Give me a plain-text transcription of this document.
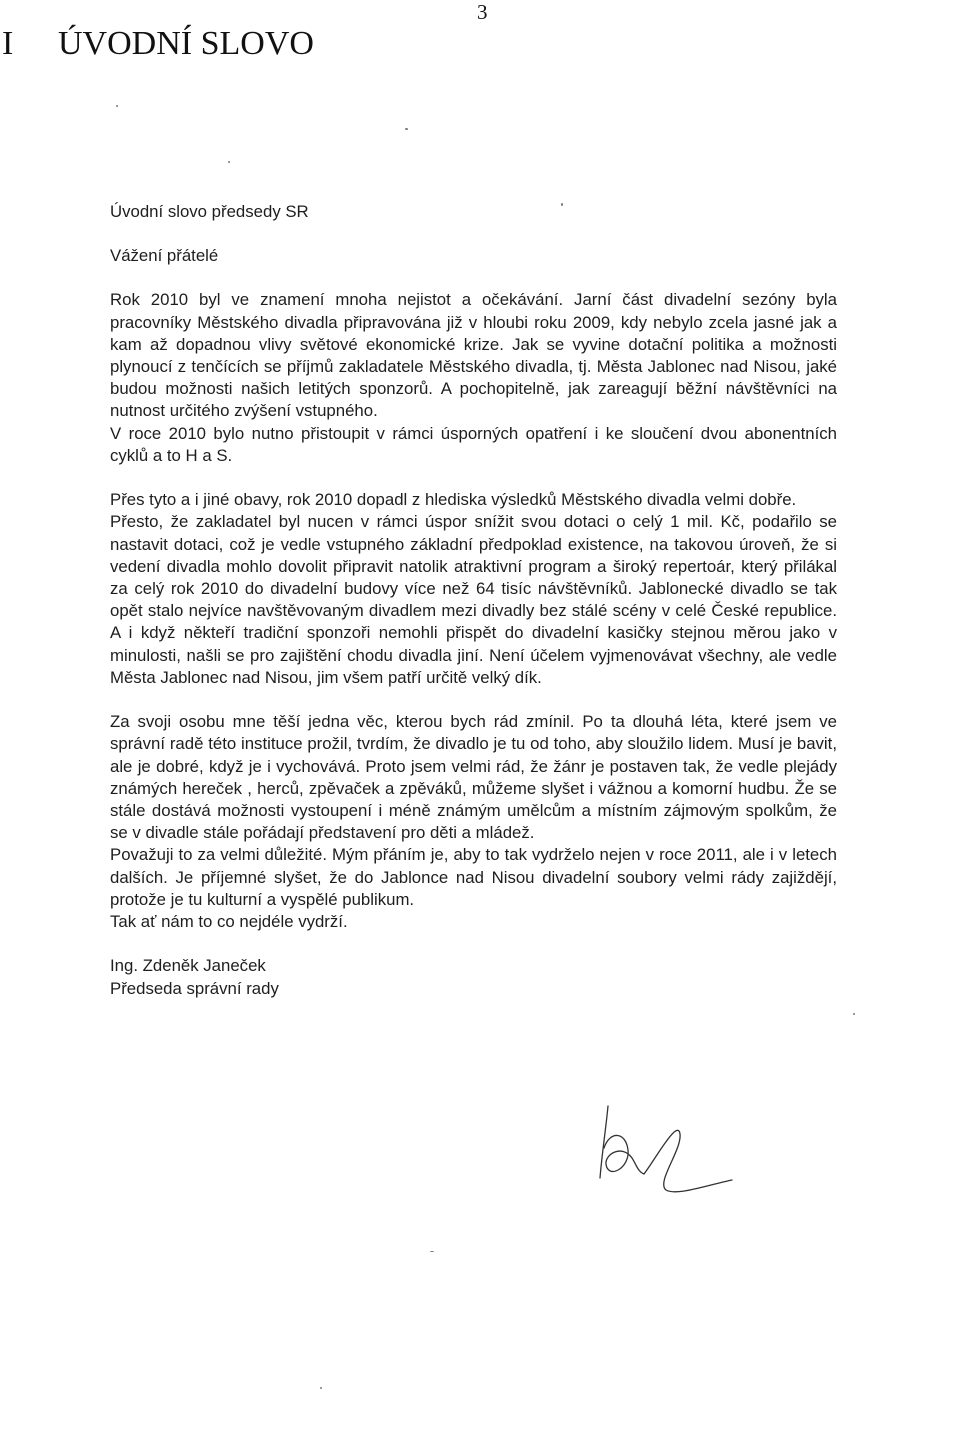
3
I ÚVODNÍ SLOVO

Úvodní slovo předsedy SR

Vážení přátelé

Rok 2010 byl ve znamení mnoha nejistot a očekávání. Jarní část divadelní sezóny byla pracovníky Městského divadla připravována již v hloubi roku 2009, kdy nebylo zcela jasné jak a kam až dopadnou vlivy světové ekonomické krize. Jak se vyvine dotační politika a možnosti plynoucí z tenčících se příjmů zakladatele Městského divadla, tj. Města Jablonec nad Nisou, jaké budou možnosti našich letitých sponzorů. A pochopitelně, jak zareagují běžní návštěvníci na nutnost určitého zvýšení vstupného.

V roce 2010 bylo nutno přistoupit v rámci úsporných opatření i ke sloučení dvou abonentních cyklů a to H a S.

Přes tyto a i jiné obavy, rok 2010 dopadl z hlediska výsledků Městského divadla velmi dobře.

Přesto, že zakladatel byl nucen v rámci úspor snížit svou dotaci o celý 1 mil. Kč, podařilo se nastavit dotaci, což je vedle vstupného základní předpoklad existence, na takovou úroveň, že si vedení divadla mohlo dovolit připravit natolik atraktivní program a široký repertoár, který přilákal za celý rok 2010 do divadelní budovy více než 64 tisíc návštěvníků. Jablonecké divadlo se tak opět stalo nejvíce navštěvovaným divadlem mezi divadly bez stálé scény v celé České republice. A i když někteří tradiční sponzoři nemohli přispět do divadelní kasičky stejnou měrou jako v minulosti, našli se pro zajištění chodu divadla jiní. Není účelem vyjmenovávat všechny, ale vedle Města Jablonec nad Nisou, jim všem patří určitě velký dík.

Za svoji osobu mne těší jedna věc, kterou bych rád zmínil. Po ta dlouhá léta, které jsem ve správní radě této instituce prožil, tvrdím, že divadlo je tu od toho, aby sloužilo lidem. Musí je bavit, ale je dobré, když je i vychovává. Proto jsem velmi rád, že žánr je postaven tak, že vedle plejády známých hereček , herců, zpěvaček a zpěváků, můžeme slyšet i vážnou a komorní hudbu. Že se stále dostává možnosti vystoupení i méně známým umělcům a místním zájmovým spolkům, že se v divadle stále pořádají představení pro děti a mládež.

Považuji to za velmi důležité. Mým přáním je, aby to tak vydrželo nejen v roce 2011, ale i v letech dalších. Je příjemné slyšet, že do Jablonce nad Nisou divadelní soubory velmi rády zajiždějí, protože je tu kulturní a vyspělé publikum.

Tak ať nám to co nejdéle vydrží.

Ing. Zdeněk Janeček

Předseda správní rady
